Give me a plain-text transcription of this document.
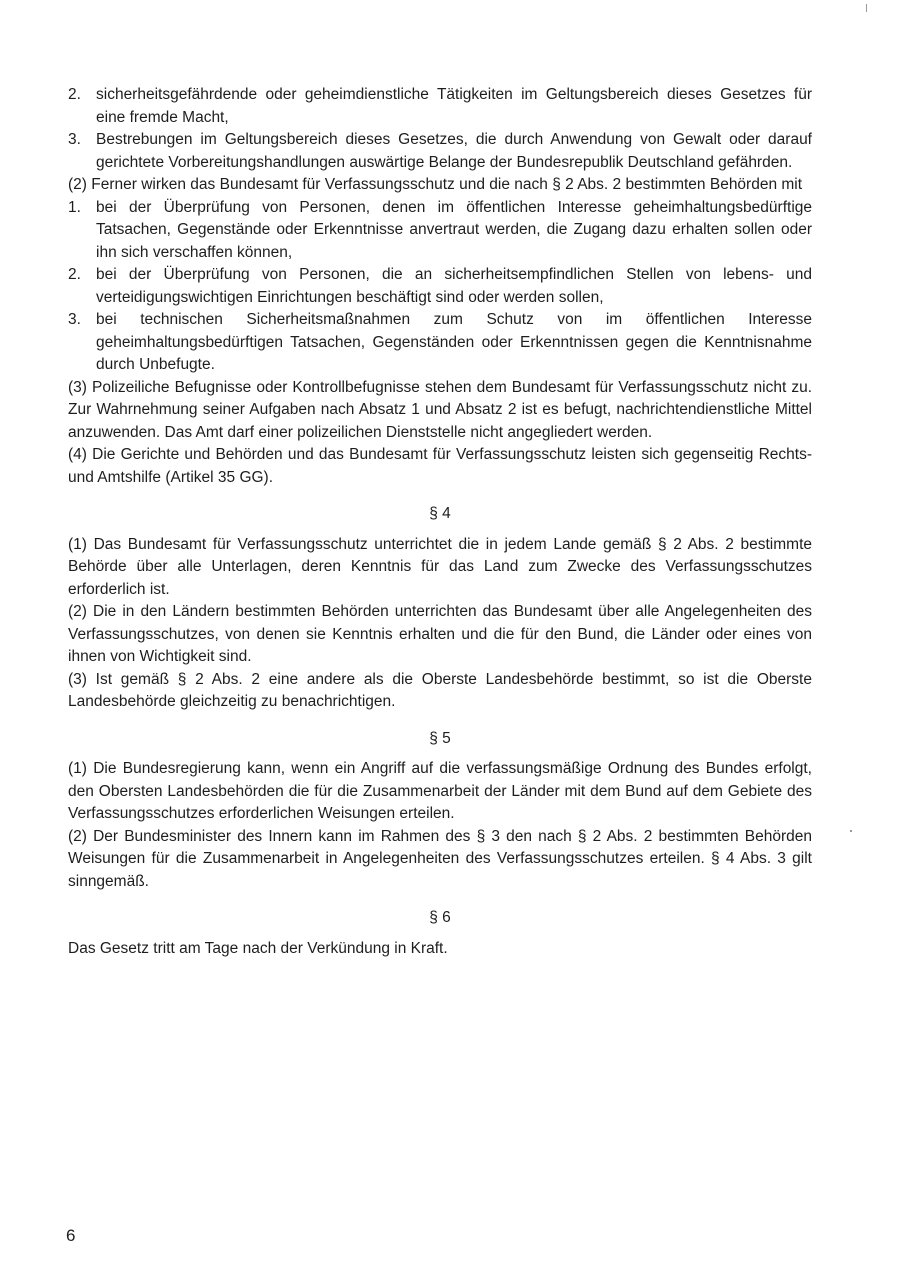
2. sicherheitsgefährdende oder geheimdienstliche Tätigkeiten im Geltungsbereich dieses Gesetzes für eine fremde Macht,
3. Bestrebungen im Geltungsbereich dieses Gesetzes, die durch Anwendung von Gewalt oder darauf gerichtete Vorbereitungshandlungen auswärtige Belange der Bundesrepublik Deutschland gefährden.

(2) Ferner wirken das Bundesamt für Verfassungsschutz und die nach § 2 Abs. 2 bestimmten Behörden mit

1. bei der Überprüfung von Personen, denen im öffentlichen Interesse geheimhaltungsbedürftige Tatsachen, Gegenstände oder Erkenntnisse anvertraut werden, die Zugang dazu erhalten sollen oder ihn sich verschaffen können,
2. bei der Überprüfung von Personen, die an sicherheitsempfindlichen Stellen von lebens- und verteidigungswichtigen Einrichtungen beschäftigt sind oder werden sollen,
3. bei technischen Sicherheitsmaßnahmen zum Schutz von im öffentlichen Interesse geheimhaltungsbedürftigen Tatsachen, Gegenständen oder Erkenntnissen gegen die Kenntnisnahme durch Unbefugte.

(3) Polizeiliche Befugnisse oder Kontrollbefugnisse stehen dem Bundesamt für Verfassungsschutz nicht zu. Zur Wahrnehmung seiner Aufgaben nach Absatz 1 und Absatz 2 ist es befugt, nachrichtendienstliche Mittel anzuwenden. Das Amt darf einer polizeilichen Dienststelle nicht angegliedert werden.

(4) Die Gerichte und Behörden und das Bundesamt für Verfassungsschutz leisten sich gegenseitig Rechts- und Amtshilfe (Artikel 35 GG).

§ 4

(1) Das Bundesamt für Verfassungsschutz unterrichtet die in jedem Lande gemäß § 2 Abs. 2 bestimmte Behörde über alle Unterlagen, deren Kenntnis für das Land zum Zwecke des Verfassungsschutzes erforderlich ist.

(2) Die in den Ländern bestimmten Behörden unterrichten das Bundesamt über alle Angelegenheiten des Verfassungsschutzes, von denen sie Kenntnis erhalten und die für den Bund, die Länder oder eines von ihnen von Wichtigkeit sind.

(3) Ist gemäß § 2 Abs. 2 eine andere als die Oberste Landesbehörde bestimmt, so ist die Oberste Landesbehörde gleichzeitig zu benachrichtigen.

§ 5

(1) Die Bundesregierung kann, wenn ein Angriff auf die verfassungsmäßige Ordnung des Bundes erfolgt, den Obersten Landesbehörden die für die Zusammenarbeit der Länder mit dem Bund auf dem Gebiete des Verfassungsschutzes erforderlichen Weisungen erteilen.

(2) Der Bundesminister des Innern kann im Rahmen des § 3 den nach § 2 Abs. 2 bestimmten Behörden Weisungen für die Zusammenarbeit in Angelegenheiten des Verfassungsschutzes erteilen. § 4 Abs. 3 gilt sinngemäß.

§ 6

Das Gesetz tritt am Tage nach der Verkündung in Kraft.

6
